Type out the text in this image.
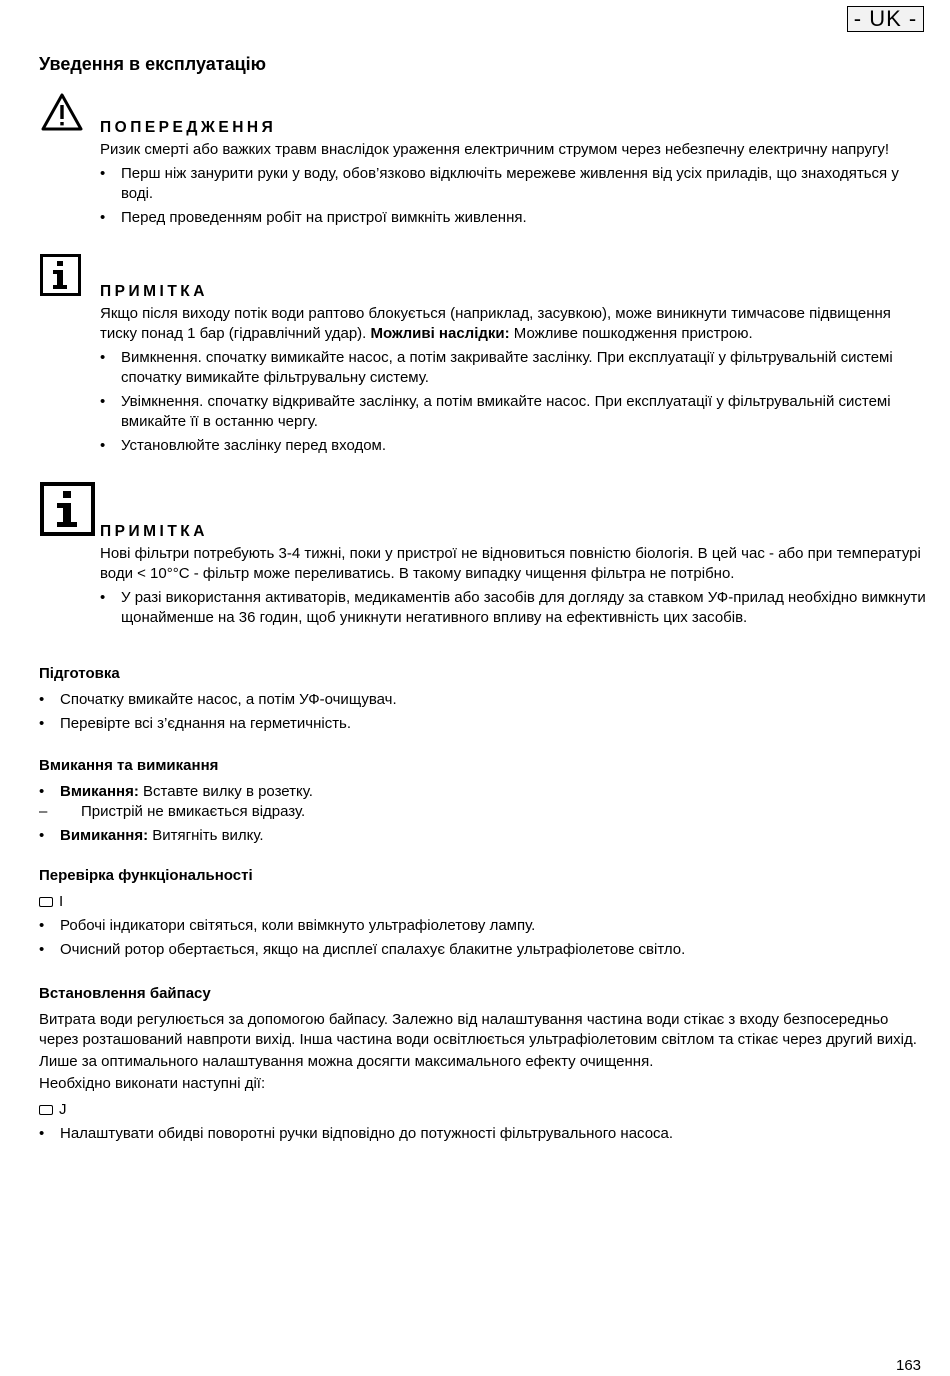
- UK -
Уведення в експлуатацію
ПОПЕРЕДЖЕННЯ

Ризик смерті або важких травм внаслідок ураження електричним струмом через небезпечну електричну напругу!

• Перш ніж занурити руки у воду, обов’язково відключіть мережеве живлення від усіх приладів, що знаходяться у воді.
• Перед проведенням робіт на пристрої вимкніть живлення.
ПРИМІТКА

Якщо після виходу потік води раптово блокується (наприклад, засувкою), може виникнути тимчасове підвищення тиску понад 1 бар (гідравлічний удар). Можливі наслідки: Можливе пошкодження пристрою.

• Вимкнення. спочатку вимикайте насос, а потім закривайте заслінку. При експлуатації у фільтрувальній системі спочатку вимикайте фільтрувальну систему.
• Увімкнення. спочатку відкривайте заслінку, а потім вмикайте насос. При експлуатації у фільтрувальній системі вмикайте її в останню чергу.
• Установлюйте заслінку перед входом.
ПРИМІТКА

Нові фільтри потребують 3-4 тижні, поки у пристрої не відновиться повністю біологія. В цей час - або при температурі води < 10°°C - фільтр може переливатись. В такому випадку чищення фільтра не потрібно.

• У разі використання активаторів, медикаментів або засобів для догляду за ставком УФ-прилад необхідно вимкнути щонайменше на 36 годин, щоб уникнути негативного впливу на ефективність цих засобів.
Підготовка
• Спочатку вмикайте насос, а потім УФ-очищувач.
• Перевірте всі з’єднання на герметичність.
Вмикання та вимикання
• Вмикання: Вставте вилку в розетку.
– Пристрій не вмикається відразу.
• Вимикання: Витягніть вилку.
Перевірка функціональності
I
• Робочі індикатори світяться, коли ввімкнуто ультрафіолетову лампу.
• Очисний ротор обертається, якщо на дисплеї спалахує блакитне ультрафіолетове світло.
Встановлення байпасу

Витрата води регулюється за допомогою байпасу. Залежно від налаштування частина води стікає з входу безпосередньо через розташований навпроти вихід. Інша частина води освітлюється ультрафіолетовим світлом та стікає через другий вихід.

Лише за оптимального налаштування можна досягти максимального ефекту очищення.

Необхідно виконати наступні дії:

J
• Налаштувати обидві поворотні ручки відповідно до потужності фільтрувального насоса.
163
